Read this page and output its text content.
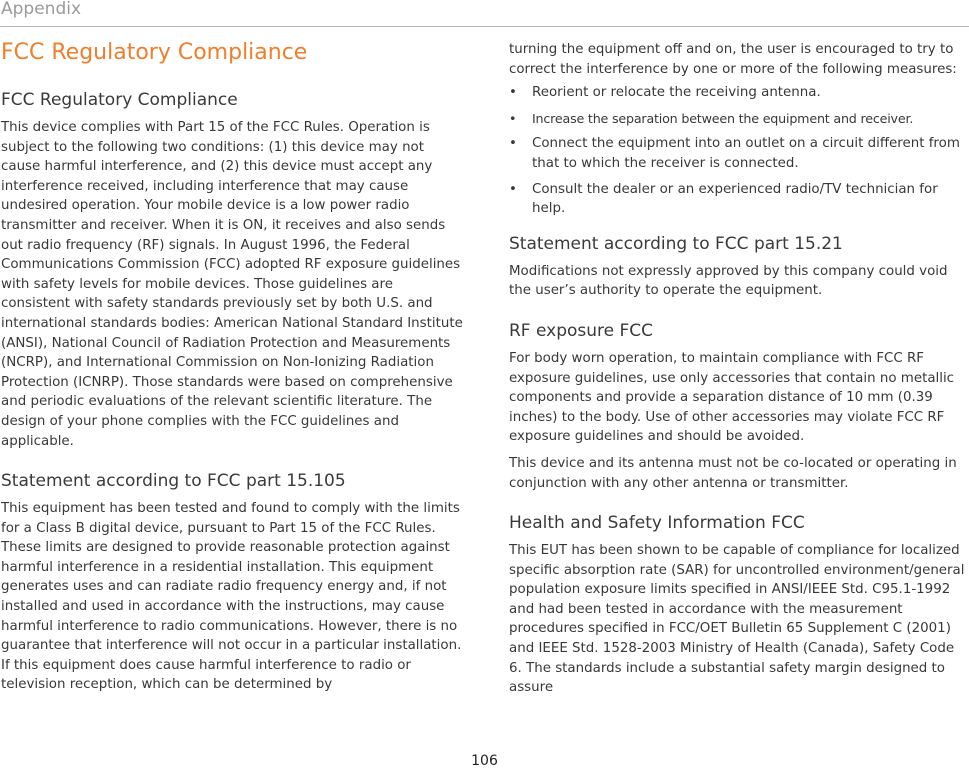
Appendix
FCC Regulatory Compliance
FCC Regulatory Compliance

This device complies with Part 15 of the FCC Rules. Operation is subject to the following two conditions: (1) this device may not cause harmful interference, and (2) this device must accept any interference received, including interference that may cause undesired operation. Your mobile device is a low power radio transmitter and receiver. When it is ON, it receives and also sends out radio frequency (RF) signals. In August 1996, the Federal Communications Commission (FCC) adopted RF exposure guidelines with safety levels for mobile devices. Those guidelines are consistent with safety standards previously set by both U.S. and international standards bodies: American National Standard Institute (ANSI), National Council of Radiation Protection and Measurements (NCRP), and International Commission on Non-Ionizing Radiation Protection (ICNRP). Those standards were based on comprehensive and periodic evaluations of the relevant scientific literature. The design of your phone complies with the FCC guidelines and applicable.

Statement according to FCC part 15.105

This equipment has been tested and found to comply with the limits for a Class B digital device, pursuant to Part 15 of the FCC Rules. These limits are designed to provide reasonable protection against harmful interference in a residential installation. This equipment generates uses and can radiate radio frequency energy and, if not installed and used in accordance with the instructions, may cause harmful interference to radio communications. However, there is no guarantee that interference will not occur in a particular installation. If this equipment does cause harmful interference to radio or television reception, which can be determined by

turning the equipment off and on, the user is encouraged to try to correct the interference by one or more of the following measures:

• Reorient or relocate the receiving antenna.
• Increase the separation between the equipment and receiver.
• Connect the equipment into an outlet on a circuit different from that to which the receiver is connected.
• Consult the dealer or an experienced radio/TV technician for help.
Statement according to FCC part 15.21

Modifications not expressly approved by this company could void the user’s authority to operate the equipment.

RF exposure FCC

For body worn operation, to maintain compliance with FCC RF exposure guidelines, use only accessories that contain no metallic components and provide a separation distance of 10 mm (0.39 inches) to the body. Use of other accessories may violate FCC RF exposure guidelines and should be avoided.

This device and its antenna must not be co-located or operating in conjunction with any other antenna or transmitter.

Health and Safety Information FCC

This EUT has been shown to be capable of compliance for localized specific absorption rate (SAR) for uncontrolled environment/general population exposure limits specified in ANSI/IEEE Std. C95.1-1992 and had been tested in accordance with the measurement procedures specified in FCC/OET Bulletin 65 Supplement C (2001) and IEEE Std. 1528-2003 Ministry of Health (Canada), Safety Code 6. The standards include a substantial safety margin designed to assure

106
